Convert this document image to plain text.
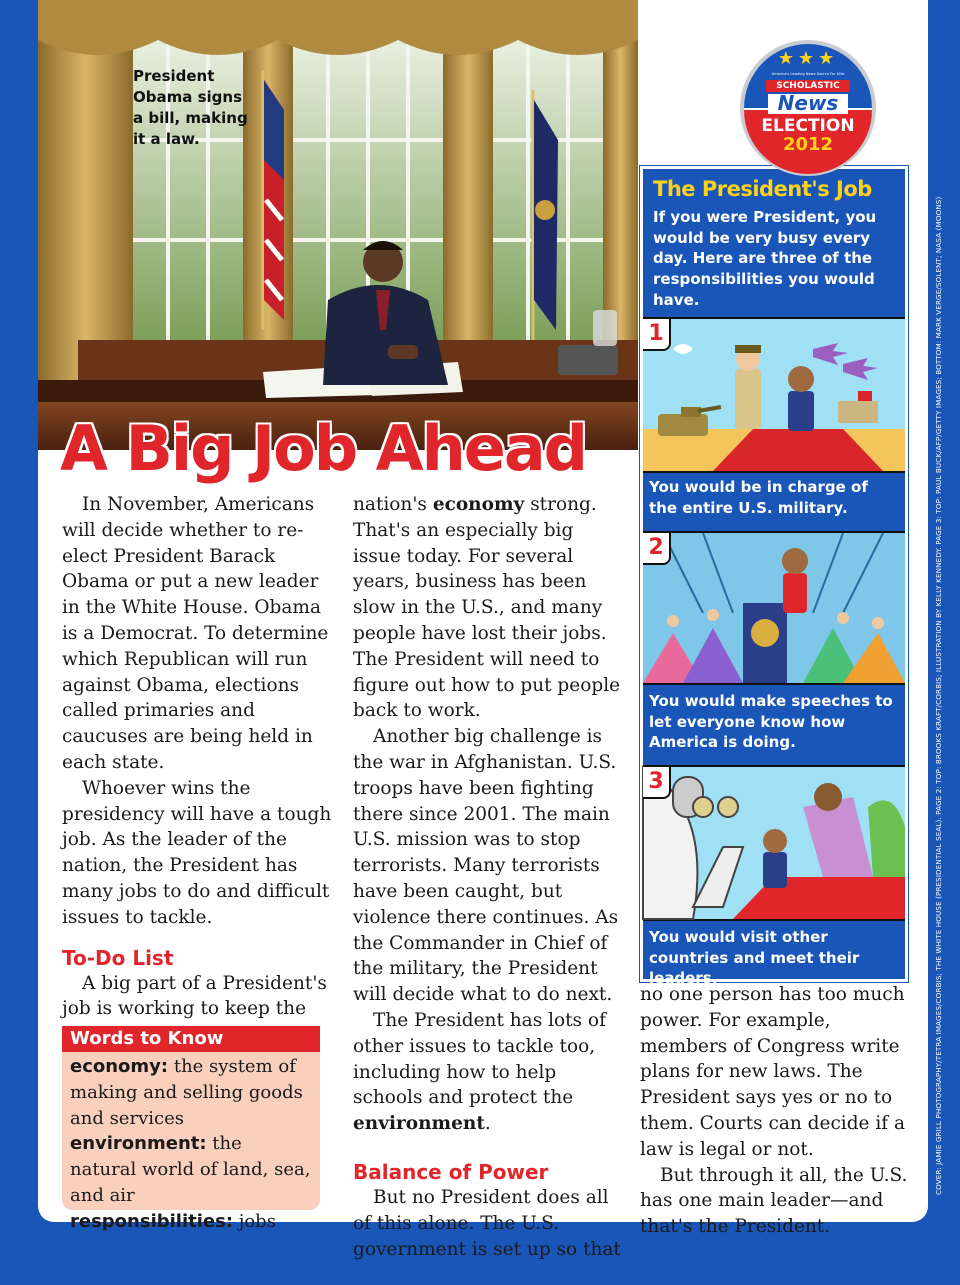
President Obama signs a bill, making it a law.
A Big Job Ahead

In November, Americans will decide whether to re-elect President Barack Obama or put a new leader in the White House. Obama is a Democrat. To determine which Republican will run against Obama, elections called primaries and caucuses are being held in each state.

Whoever wins the presidency will have a tough job. As the leader of the nation, the President has many jobs to do and difficult issues to tackle.

To-Do List

A big part of a President's job is working to keep the

Words to Know
economy: the system of making and selling goods and services
environment: the natural world of land, sea, and air
responsibilities: jobs

nation's economy strong. That's an especially big issue today. For several years, business has been slow in the U.S., and many people have lost their jobs. The President will need to figure out how to put people back to work.

Another big challenge is the war in Afghanistan. U.S. troops have been fighting there since 2001. The main U.S. mission was to stop terrorists. Many terrorists have been caught, but violence there continues. As the Commander in Chief of the military, the President will decide what to do next.

The President has lots of other issues to tackle too, including how to help schools and protect the environment.

Balance of Power

But no President does all of this alone. The U.S. government is set up so that

no one person has too much power. For example, members of Congress write plans for new laws. The President says yes or no to them. Courts can decide if a law is legal or not.

But through it all, the U.S. has one main leader—and that's the President.

The President's Job
If you were President, you would be very busy every day. Here are three of the responsibilities you would have.
1
You would be in charge of the entire U.S. military.
2
You would make speeches to let everyone know how America is doing.
3
You would visit other countries and meet their leaders.
★★★
SCHOLASTIC
America's Leading News Source For Kids
News
ELECTION
2012
COVER: JAMIE GRILL PHOTOGRAPHY/TETRA IMAGES/CORBIS; THE WHITE HOUSE (PRESIDENTIAL SEAL). PAGE 2: TOP: BROOKS KRAFT/CORBIS; ILLUSTRATION BY KELLY KENNEDY. PAGE 3: TOP: PAUL BUCK/AFP/GETTY IMAGES; BOTTOM: MARK VERGE/SOLENT; NASA (MOONS)
